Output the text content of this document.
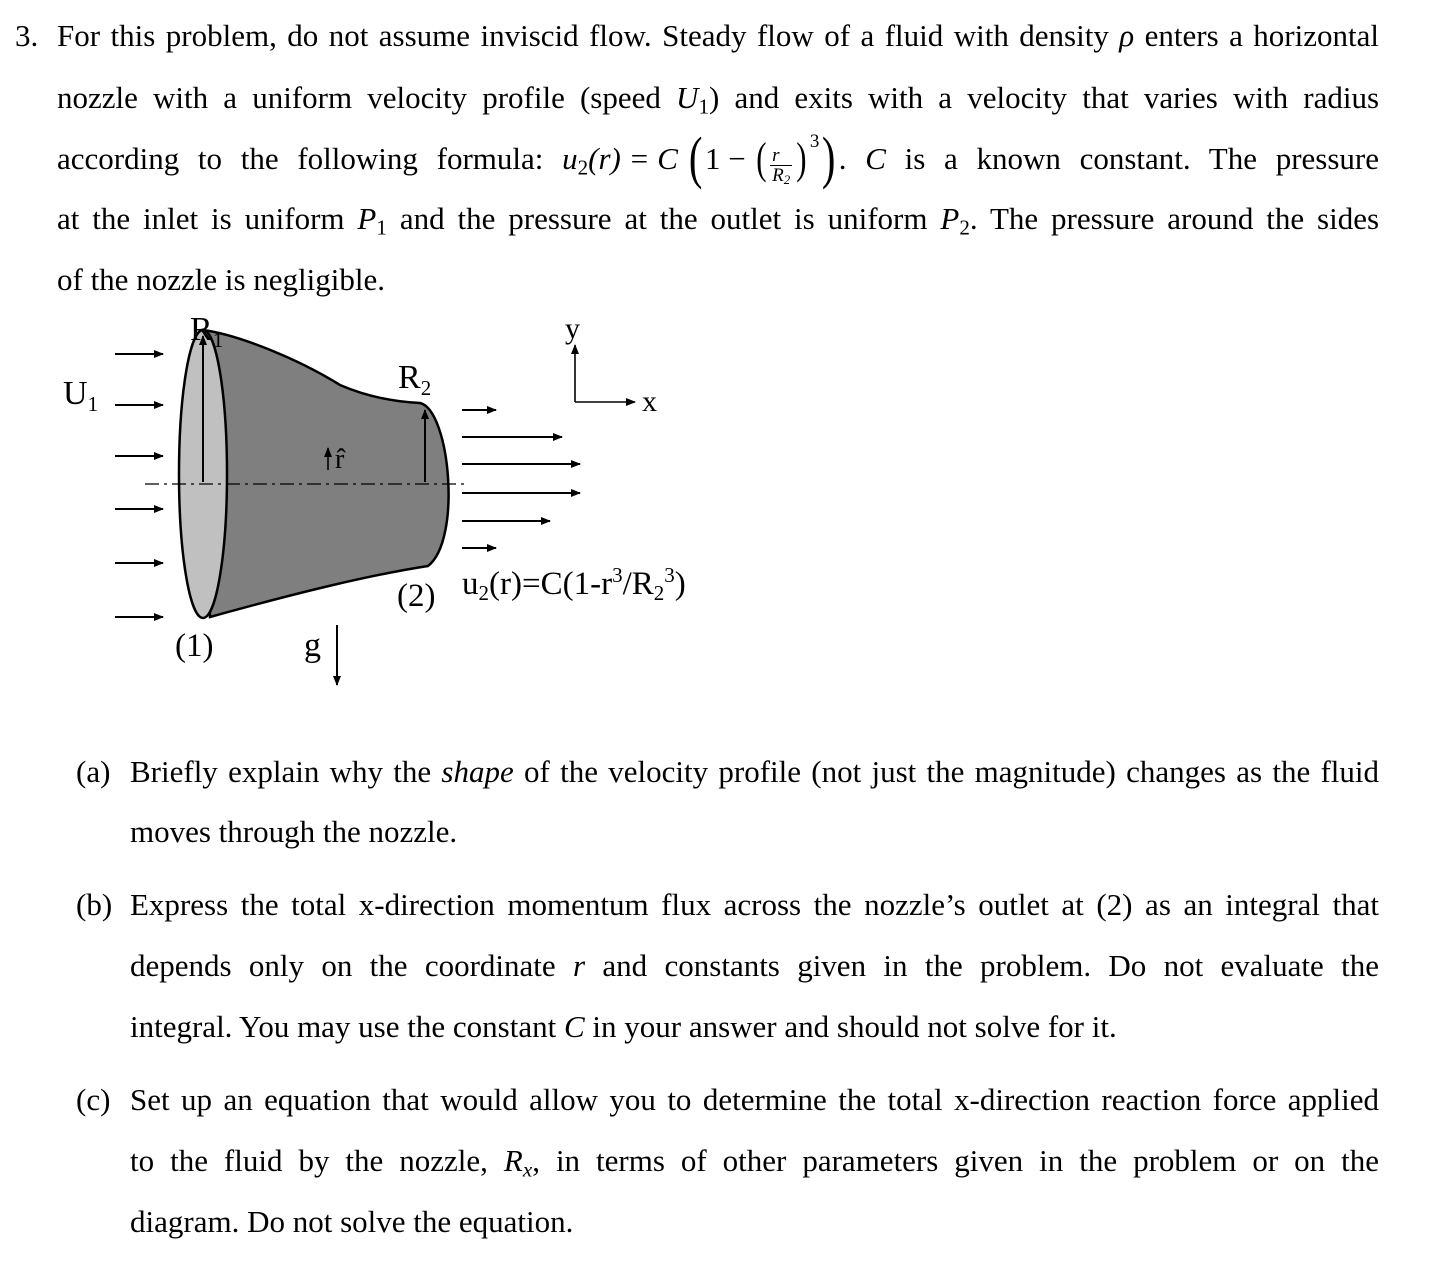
3. For this problem, do not assume inviscid flow. Steady flow of a fluid with density ρ enters a horizontal
nozzle with a uniform velocity profile (speed $U_1$) and exits with a velocity that varies with radius
according to the following formula: $u_2(r) = C$ (1 − ( $\frac{r}{R_2}$ ) $^3$). C is a known constant. The pressure
at the inlet is uniform $P_1$ and the pressure at the outlet is uniform $P_2$. The pressure around the sides
of the nozzle is negligible.
$R_1$
$R_2$
$U_1$
r̂
(1)
(2)
g
y
x
$u2(r)=C(1-r^3/R2^3)$
(a) Briefly explain why the shape of the velocity profile (not just the magnitude) changes as the fluid
moves through the nozzle.
(b) Express the total x-direction momentum flux across the nozzle’s outlet at (2) as an integral that
depends only on the coordinate r and constants given in the problem. Do not evaluate the
integral. You may use the constant C in your answer and should not solve for it.
(c) Set up an equation that would allow you to determine the total x-direction reaction force applied
to the fluid by the nozzle, $R_x$, in terms of other parameters given in the problem or on the
diagram. Do not solve the equation.
